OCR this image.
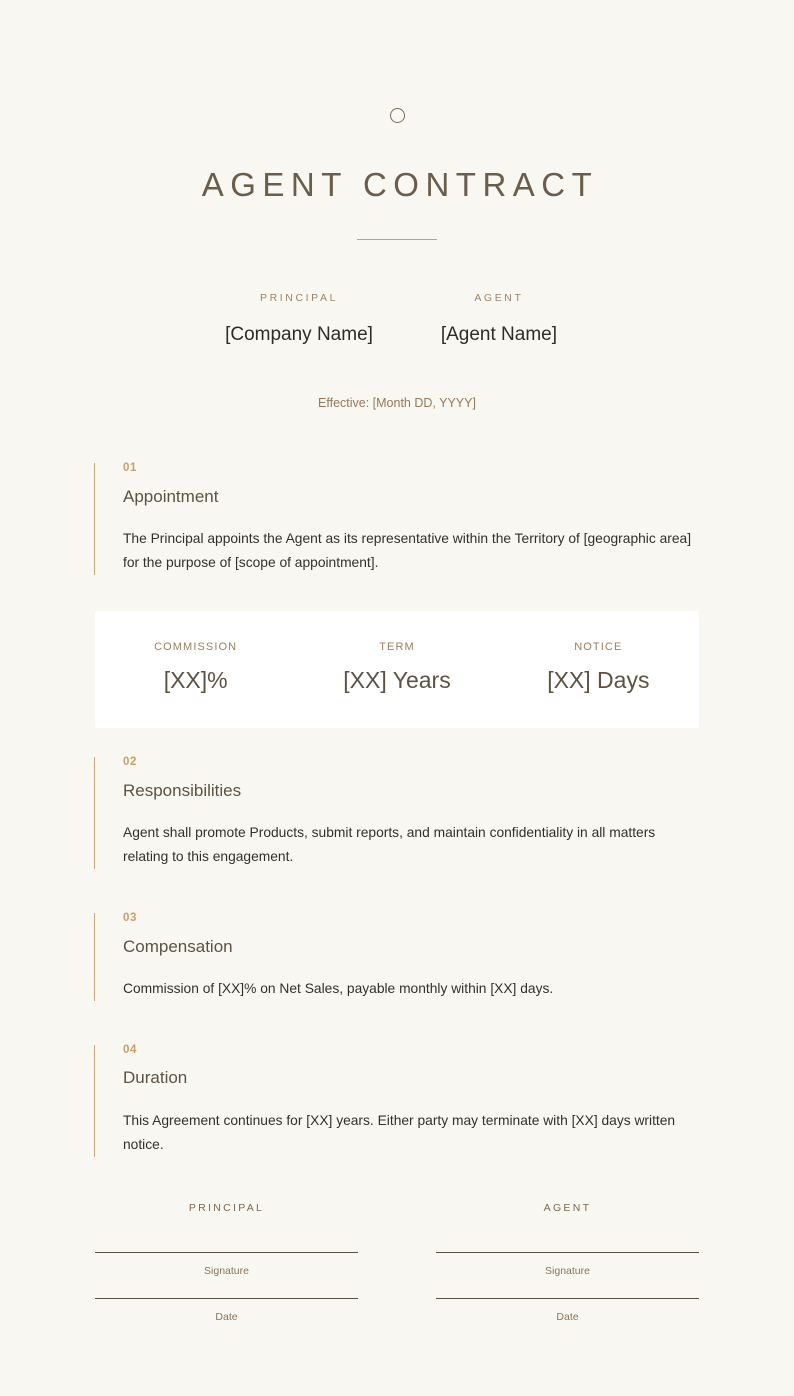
AGENT CONTRACT
PRINCIPAL
[Company Name]
AGENT
[Agent Name]
Effective: [Month DD, YYYY]
01
Appointment
The Principal appoints the Agent as its representative within the Territory of [geographic area] for the purpose of [scope of appointment].
COMMISSION
[XX]%
TERM
[XX] Years
NOTICE
[XX] Days
02
Responsibilities
Agent shall promote Products, submit reports, and maintain confidentiality in all matters relating to this engagement.
03
Compensation
Commission of [XX]% on Net Sales, payable monthly within [XX] days.
04
Duration
This Agreement continues for [XX] years. Either party may terminate with [XX] days written notice.
PRINCIPAL
Signature
Date
AGENT
Signature
Date
